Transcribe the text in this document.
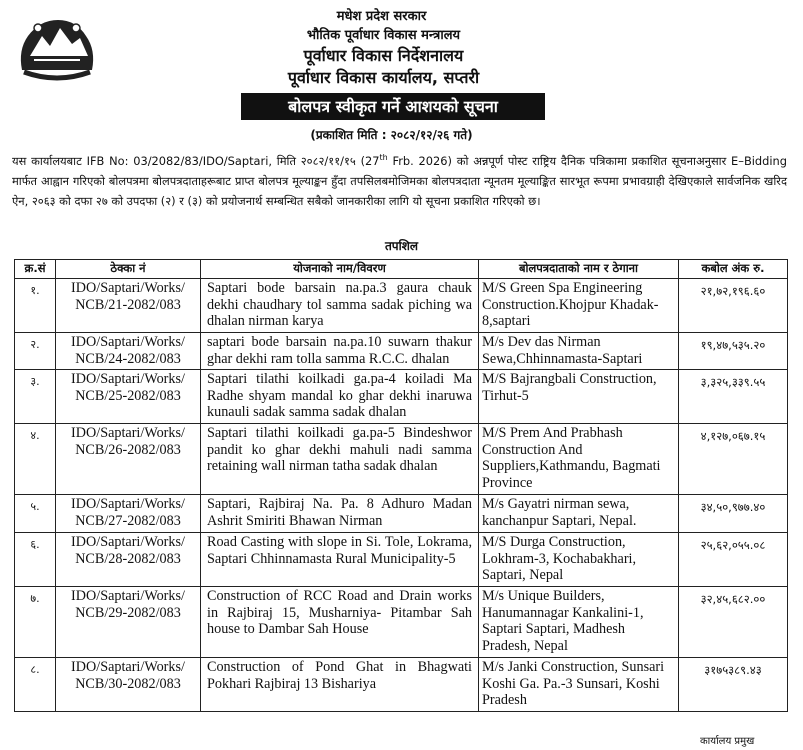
मधेश प्रदेश सरकार
भौतिक पूर्वाधार विकास मन्त्रालय
पूर्वाधार विकास निर्देशनालय
पूर्वाधार विकास कार्यालय, सप्तरी
बोलपत्र स्वीकृत गर्ने आशयको सूचना
(प्रकाशित मिति : २०८२/१२/२६ गते)
यस कार्यालयबाट IFB No: 03/2082/83/IDO/Saptari, मिति २०८२/११/१५ (27th Frb. 2026) को अन्नपूर्ण पोस्ट राष्ट्रिय दैनिक पत्रिकामा प्रकाशित सूचनाअनुसार E–Bidding मार्फत आह्वान गरिएको बोलपत्रमा बोलपत्रदाताहरूबाट प्राप्त बोलपत्र मूल्याङ्कन हुँदा तपसिलबमोजिमका बोलपत्रदाता न्यूनतम मूल्याङ्कित सारभूत रूपमा प्रभावग्राही देखिएकाले सार्वजनिक खरिद ऐन, २०६३ को दफा २७ को उपदफा (२) र (३) को प्रयोजनार्थ सम्बन्धित सबैको जानकारीका लागि यो सूचना प्रकाशित गरिएको छ।
तपशिल
क्र.सं	ठेक्का नं	योजनाको नाम/विवरण	बोलपत्रदाताको नाम र ठेगाना	कबोल अंक रु.
१.	IDO/Saptari/Works/ NCB/21-2082/083	Saptari bode barsain na.pa.3 gaura chauk dekhi chaudhary tol samma sadak piching wa dhalan nirman karya	M/S Green Spa Engineering Construction.Khojpur Khadak-8,saptari	२१,७२,१९६.६०
२.	IDO/Saptari/Works/ NCB/24-2082/083	saptari bode barsain na.pa.10 suwarn thakur ghar dekhi ram tolla samma R.C.C. dhalan	M/s Dev das Nirman Sewa,Chhinnamasta-Saptari	१९,४७,५३५.२०
३.	IDO/Saptari/Works/ NCB/25-2082/083	Saptari tilathi koilkadi ga.pa-4 koiladi Ma Radhe shyam mandal ko ghar dekhi inaruwa kunauli sadak samma sadak dhalan	M/S Bajrangbali Construction, Tirhut-5	३,३२५,३३९.५५
४.	IDO/Saptari/Works/ NCB/26-2082/083	Saptari tilathi koilkadi ga.pa-5 Bindeshwor pandit ko ghar dekhi mahuli nadi samma retaining wall nirman tatha sadak dhalan	M/S Prem And Prabhash Construction And Suppliers,Kathmandu, Bagmati Province	४,१२७,०६७.१५
५.	IDO/Saptari/Works/ NCB/27-2082/083	Saptari, Rajbiraj Na. Pa. 8 Adhuro Madan Ashrit Smiriti Bhawan Nirman	M/s Gayatri nirman sewa, kanchanpur Saptari, Nepal.	३४,५०,९७७.४०
६.	IDO/Saptari/Works/ NCB/28-2082/083	Road Casting with slope in Si. Tole, Lokrama, Saptari Chhinnamasta Rural Municipality-5	M/S Durga Construction, Lokhram-3, Kochabakhari, Saptari, Nepal	२५,६२,०५५.०८
७.	IDO/Saptari/Works/ NCB/29-2082/083	Construction of RCC Road and Drain works in Rajbiraj 15, Musharniya- Pitambar Sah house to Dambar Sah House	M/s Unique Builders, Hanumannagar Kankalini-1, Saptari Saptari, Madhesh Pradesh, Nepal	३२,४५,६८२.००
८.	IDO/Saptari/Works/ NCB/30-2082/083	Construction of Pond Ghat in Bhagwati Pokhari Rajbiraj 13 Bishariya	M/s Janki Construction, Sunsari Koshi Ga. Pa.-3 Sunsari, Koshi Pradesh	३१७५३८९.४३
कार्यालय प्रमुख
